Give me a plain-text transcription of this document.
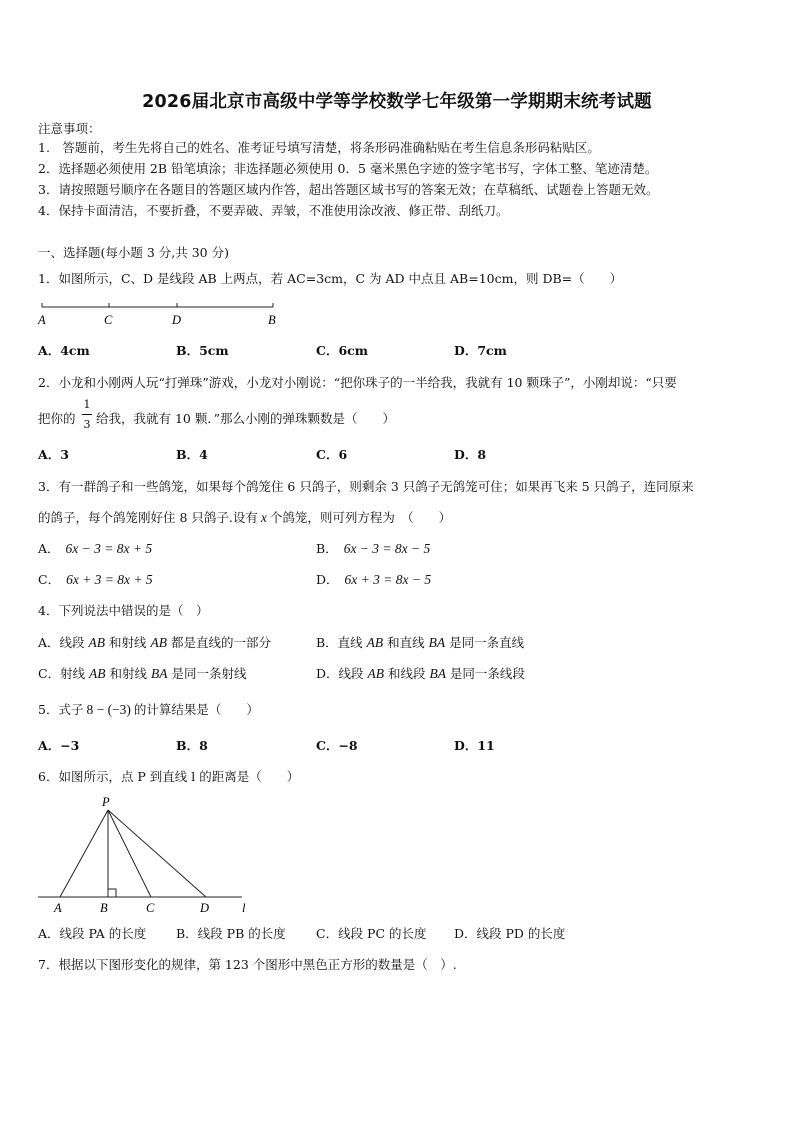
2026届北京市高级中学等学校数学七年级第一学期期末统考试题
注意事项：
1.　答题前，考生先将自己的姓名、准考证号填写清楚，将条形码准确粘贴在考生信息条形码粘贴区。
2．选择题必须使用 2B 铅笔填涂；非选择题必须使用 0．5 毫米黑色字迹的签字笔书写，字体工整、笔迹清楚。
3．请按照题号顺序在各题目的答题区域内作答，超出答题区域书写的答案无效；在草稿纸、试题卷上答题无效。
4．保持卡面清洁，不要折叠，不要弄破、弄皱，不准使用涂改液、修正带、刮纸刀。
一、选择题(每小题 3 分,共 30 分)
1．如图所示，C、D 是线段 AB 上两点，若 AC=3cm，C 为 AD 中点且 AB=10cm，则 DB=（　　）
A	C	D	B
A．4cm	B．5cm	C．6cm	D．7cm
2．小龙和小刚两人玩“打弹珠”游戏，小龙对小刚说：“把你珠子的一半给我，我就有 10 颗珠子”，小刚却说：“只要
把你的
1
3 给我，我就有 10 颗．”那么小刚的弹珠颗数是（　　）
A．3	B．4	C．6	D．8
3．有一群鸽子和一些鸽笼，如果每个鸽笼住 6 只鸽子，则剩余 3 只鸽子无鸽笼可住；如果再飞来 5 只鸽子，连同原来
的鸽子，每个鸽笼刚好住 8 只鸽子.设有 x 个鸽笼，则可列方程为　（　　）
A． 6x − 3 = 8x + 5	B． 6x − 3 = 8x − 5
C． 6x + 3 = 8x + 5	D． 6x + 3 = 8x − 5
4．下列说法中错误的是（　）
A．线段 AB 和射线 AB 都是直线的一部分	B．直线 AB 和直线 BA 是同一条直线
C．射线 AB 和射线 BA 是同一条射线	D．线段 AB 和线段 BA 是同一条线段
5．式子 8 − (−3) 的计算结果是（　　）
A．−3	B．8	C．−8	D．11
6．如图所示，点 P 到直线 l 的距离是（　　）
P
A	B	C	D	l
A．线段 PA 的长度 B．线段 PB 的长度 C．线段 PC 的长度 D．线段 PD 的长度
7．根据以下图形变化的规律，第 123 个图形中黑色正方形的数量是（　）.
